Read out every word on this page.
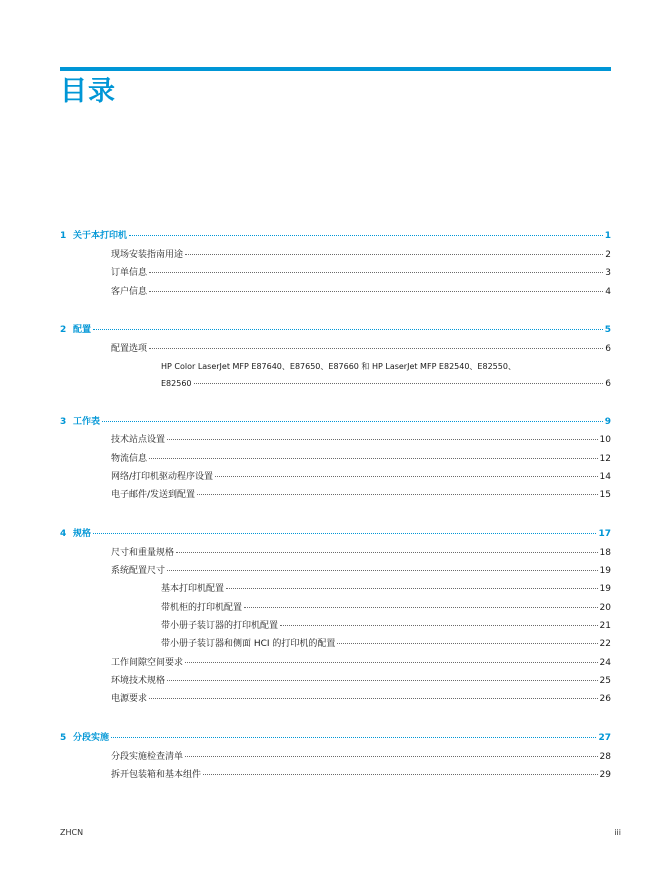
目录
1 关于本打印机	1
现场安装指南用途	2
订单信息	3
客户信息	4
2 配置	5
配置选项	6
HP Color LaserJet MFP E87640、E87650、E87660 和 HP LaserJet MFP E82540、E82550、
E82560	6
3 工作表	9
技术站点设置	10
物流信息	12
网络/打印机驱动程序设置	14
电子邮件/发送到配置	15
4 规格	17
尺寸和重量规格	18
系统配置尺寸	19
基本打印机配置	19
带机柜的打印机配置	20
带小册子装订器的打印机配置	21
带小册子装订器和侧面 HCI 的打印机的配置	22
工作间隙空间要求	24
环境技术规格	25
电源要求	26
5 分段实施	27
分段实施检查清单	28
拆开包装箱和基本组件	29
ZHCN	iii
